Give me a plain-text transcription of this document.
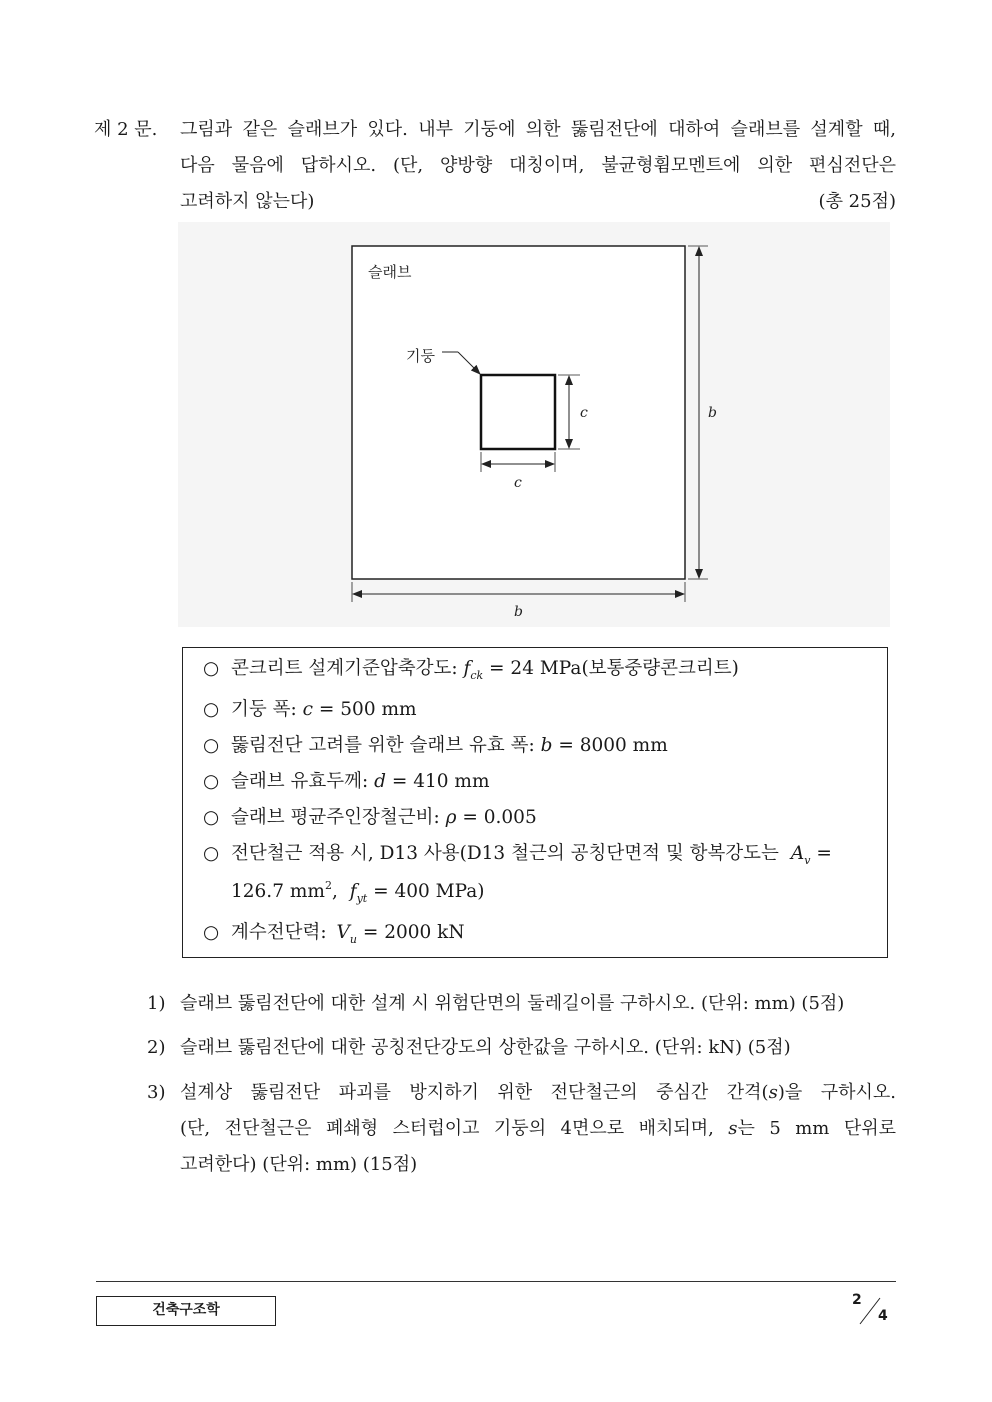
제 2 문. 그림과 같은 슬래브가 있다. 내부 기둥에 의한 뚫림전단에 대하여 슬래브를 설계할 때,
다음 물음에 답하시오. (단, 양방향 대칭이며, 불균형휨모멘트에 의한 편심전단은
고려하지 않는다)	(총 25점)
슬래브
기둥
c
c
b
b
○ 콘크리트 설계기준압축강도: $f_{ck} = 24$ MPa(보통중량콘크리트)
○ 기둥 폭: c = 500 mm
○ 뚫림전단 고려를 위한 슬래브 유효 폭: b = 8000 mm
○ 슬래브 유효두께: d = 410 mm
○ 슬래브 평균주인장철근비: ρ = 0.005
○ 전단철근 적용 시, D13 사용(D13 철근의 공칭단면적 및 항복강도는 $A_v$ =
126.7 $mm^2$, $f_{yt} = 400$ MPa)
○ 계수전단력: $V_u = 2000$ kN
1) 슬래브 뚫림전단에 대한 설계 시 위험단면의 둘레길이를 구하시오. (단위: mm) (5점)
2) 슬래브 뚫림전단에 대한 공칭전단강도의 상한값을 구하시오. (단위: kN) (5점)
3) 설계상 뚫림전단 파괴를 방지하기 위한 전단철근의 중심간 간격(s)을 구하시오.
(단, 전단철근은 폐쇄형 스터럽이고 기둥의 4면으로 배치되며, s는 5 mm 단위로
고려한다) (단위: mm) (15점)
건축구조학
2
4
